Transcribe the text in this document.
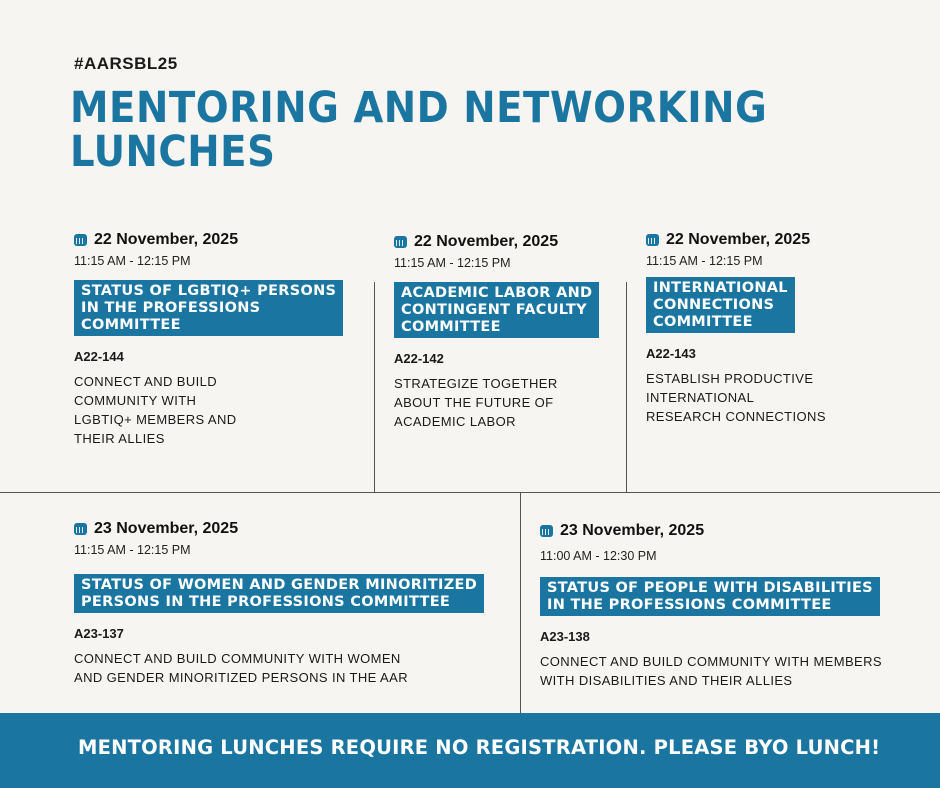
#AARSBL25
MENTORING AND NETWORKING LUNCHES
22 November, 2025
11:15 AM - 12:15 PM
STATUS OF LGBTIQ+ PERSONS
IN THE PROFESSIONS
COMMITTEE
A22-144
CONNECT AND BUILD
COMMUNITY WITH
LGBTIQ+ MEMBERS AND
THEIR ALLIES
22 November, 2025
11:15 AM - 12:15 PM
ACADEMIC LABOR AND
CONTINGENT FACULTY
COMMITTEE
A22-142
STRATEGIZE TOGETHER
ABOUT THE FUTURE OF
ACADEMIC LABOR
22 November, 2025
11:15 AM - 12:15 PM
INTERNATIONAL
CONNECTIONS
COMMITTEE
A22-143
ESTABLISH PRODUCTIVE
INTERNATIONAL
RESEARCH CONNECTIONS
23 November, 2025
11:15 AM - 12:15 PM
STATUS OF WOMEN AND GENDER MINORITIZED
PERSONS IN THE PROFESSIONS COMMITTEE
A23-137
CONNECT AND BUILD COMMUNITY WITH WOMEN
AND GENDER MINORITIZED PERSONS IN THE AAR
23 November, 2025
11:00 AM - 12:30 PM
STATUS OF PEOPLE WITH DISABILITIES
IN THE PROFESSIONS COMMITTEE
A23-138
CONNECT AND BUILD COMMUNITY WITH MEMBERS
WITH DISABILITIES AND THEIR ALLIES
MENTORING LUNCHES REQUIRE NO REGISTRATION. PLEASE BYO LUNCH!
